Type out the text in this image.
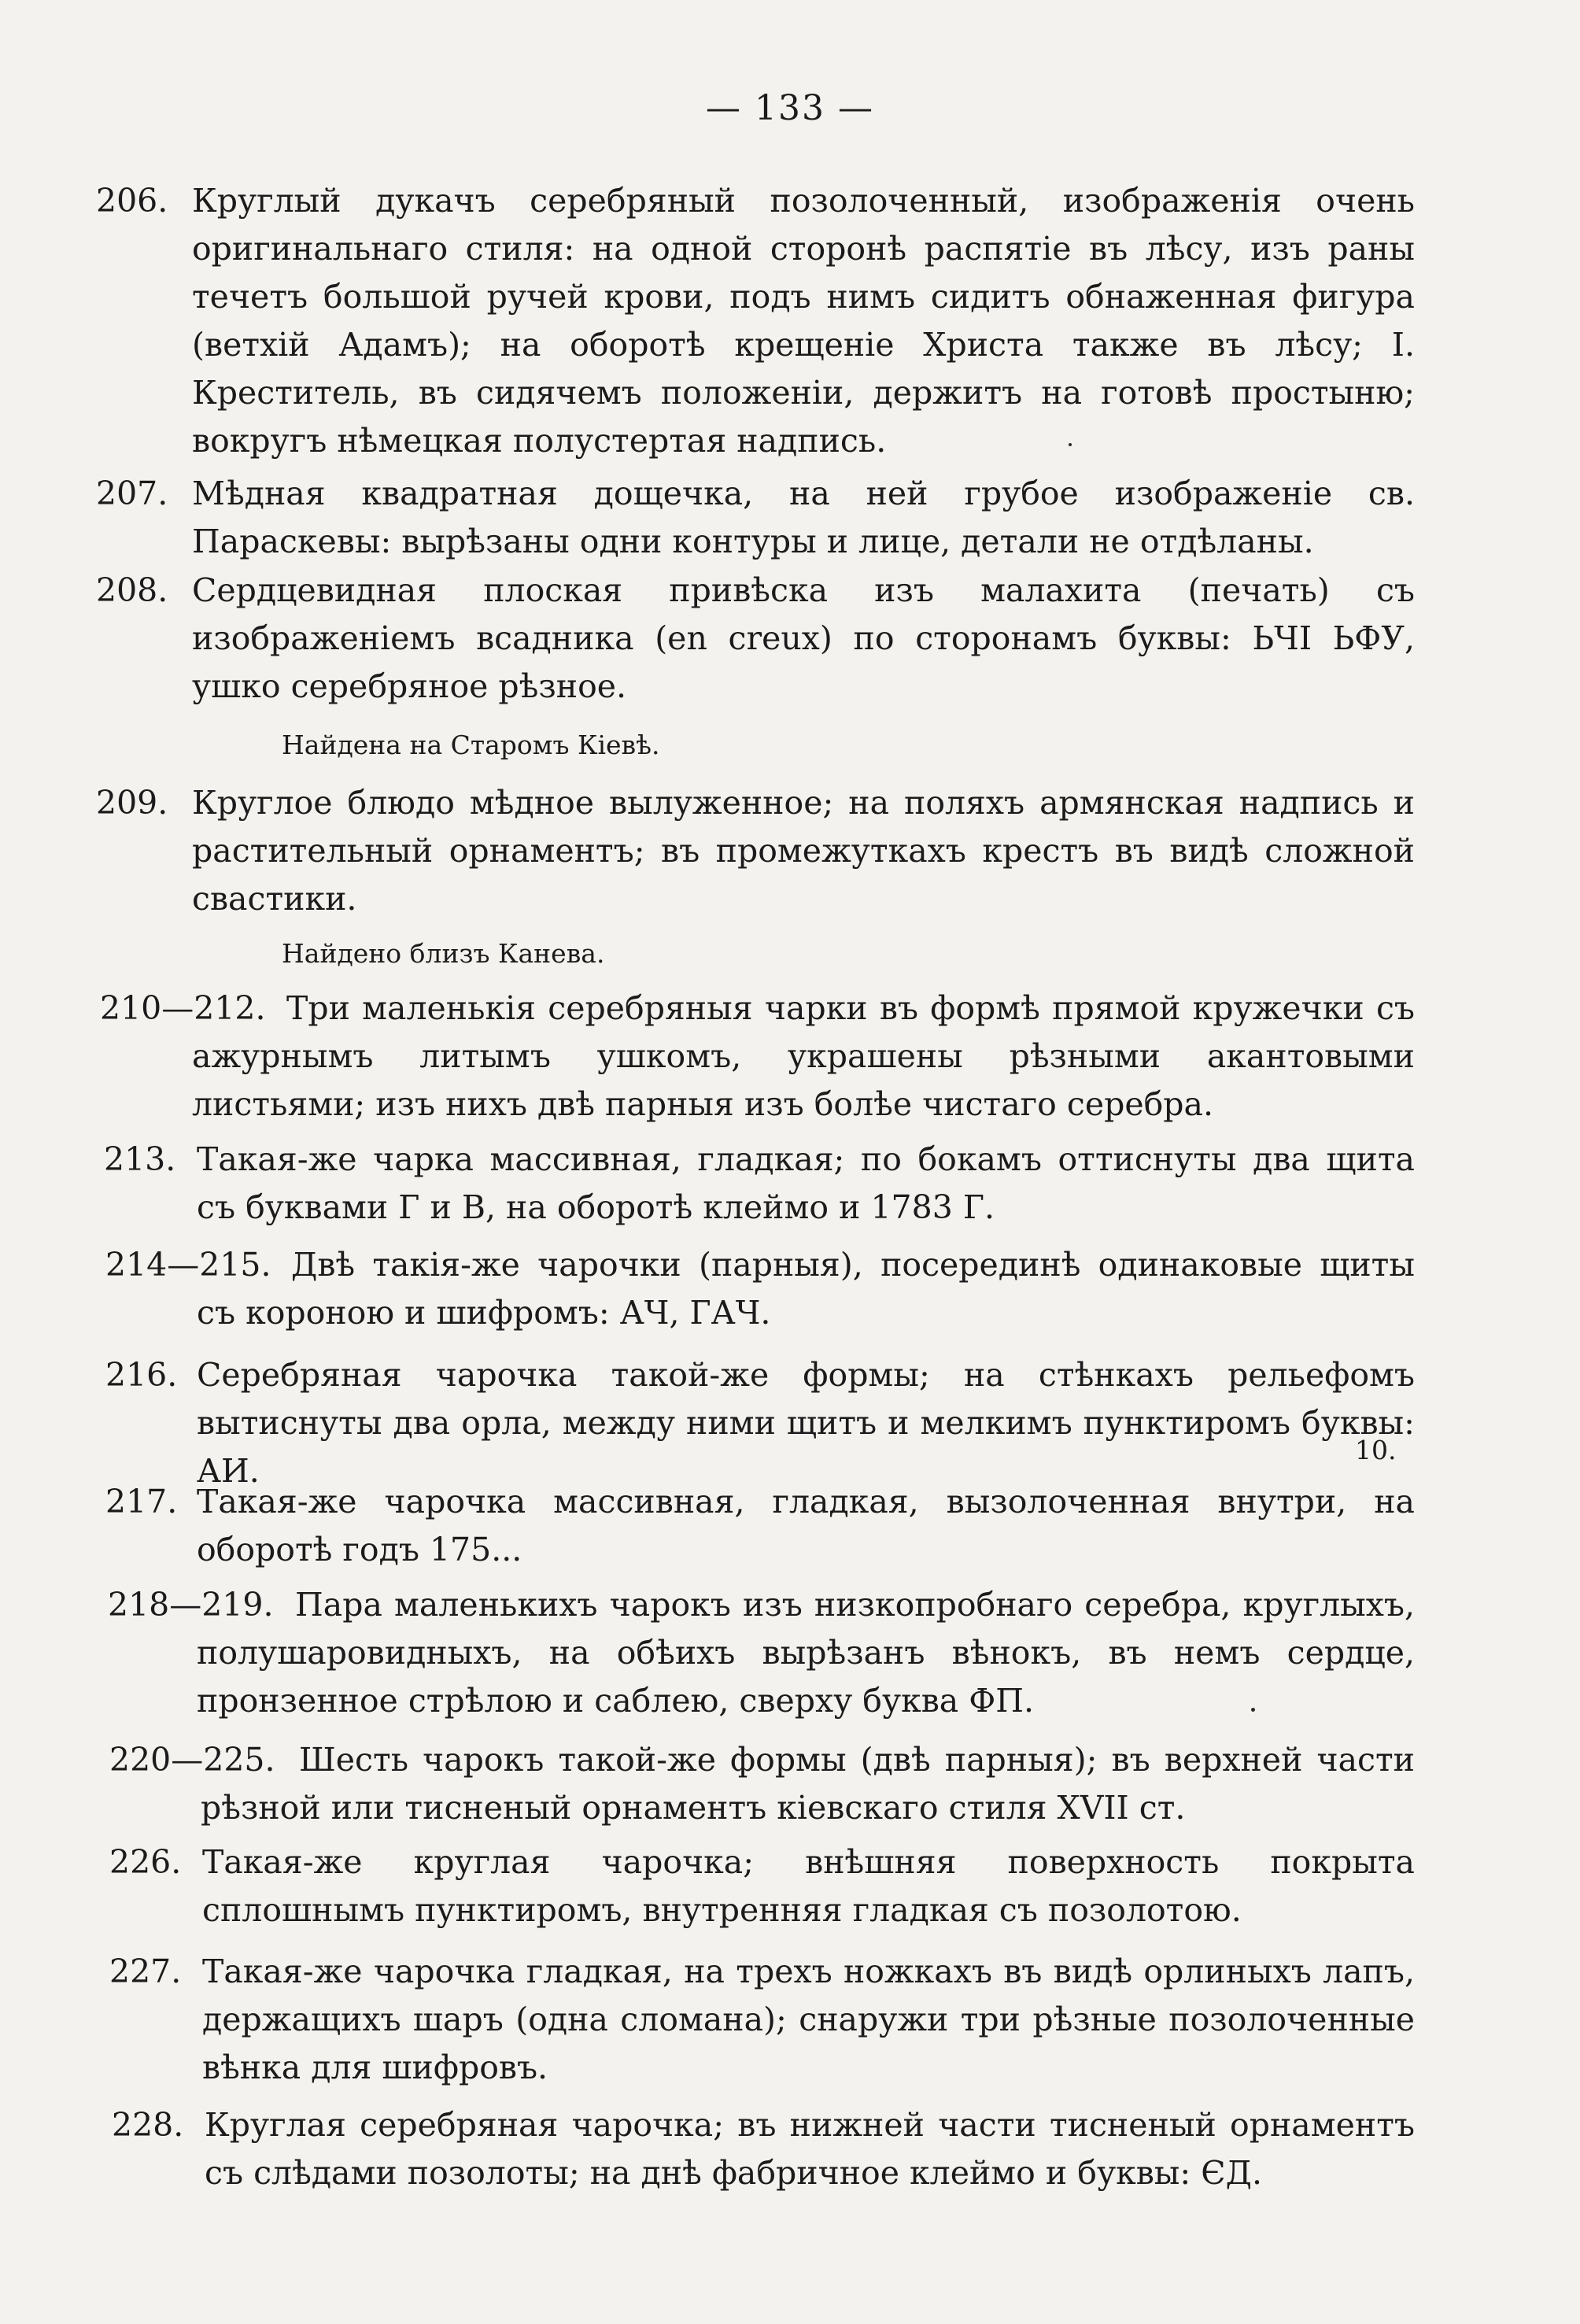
— 133 —
206. Круглый дукачъ серебряный позолоченный, изображенія очень оригинальнаго стиля: на одной сторонѣ распятіе въ лѣсу, изъ раны течетъ большой ручей крови, подъ нимъ сидитъ обнаженная фигура (ветхій Адамъ); на оборотѣ крещеніе Христа также въ лѣсу; І. Креститель, въ сидячемъ положеніи, держитъ на готовѣ простыню; вокругъ нѣмецкая полустертая надпись.
207. Мѣдная квадратная дощечка, на ней грубое изображеніе св. Параскевы: вырѣзаны одни контуры и лице, детали не отдѣланы.
208. Сердцевидная плоская привѣска изъ малахита (печать) съ изображеніемъ всадника (en creux) по сторонамъ буквы: ЬЧІ ЬФУ, ушко серебряное рѣзное.
Найдена на Старомъ Кіевѣ.
209. Круглое блюдо мѣдное вылуженное; на поляхъ армянская надпись и растительный орнаментъ; въ промежуткахъ крестъ въ видѣ сложной свастики.
Найдено близъ Канева.
210—212. Три маленькія серебряныя чарки въ формѣ прямой кружечки съ ажурнымъ литымъ ушкомъ, украшены рѣзными акантовыми листьями; изъ нихъ двѣ парныя изъ болѣе чистаго серебра.
213. Такая-же чарка массивная, гладкая; по бокамъ оттиснуты два щита съ буквами Г и В, на оборотѣ клеймо и 1783 Г.
214—215. Двѣ такія-же чарочки (парныя), посерединѣ одинаковые щиты съ короною и шифромъ: АЧ, ГАЧ.
216. Серебряная чарочка такой-же формы; на стѣнкахъ рельефомъ вытиснуты два орла, между ними щитъ и мелкимъ пунктиромъ буквы: АИ.
10.
217. Такая-же чарочка массивная, гладкая, вызолоченная внутри, на оборотѣ годъ 175...
218—219. Пара маленькихъ чарокъ изъ низкопробнаго серебра, круглыхъ, полушаровидныхъ, на обѣихъ вырѣзанъ вѣнокъ, въ немъ сердце, пронзенное стрѣлою и саблею, сверху буква ФП.
220—225. Шесть чарокъ такой-же формы (двѣ парныя); въ верхней части рѣзной или тисненый орнаментъ кіевскаго стиля XVII ст.
226. Такая-же круглая чарочка; внѣшняя поверхность покрыта сплошнымъ пунктиромъ, внутренняя гладкая съ позолотою.
227. Такая-же чарочка гладкая, на трехъ ножкахъ въ видѣ орлиныхъ лапъ, держащихъ шаръ (одна сломана); снаружи три рѣзные позолоченные вѣнка для шифровъ.
228. Круглая серебряная чарочка; въ нижней части тисненый орнаментъ съ слѣдами позолоты; на днѣ фабричное клеймо и буквы: ЄД.
